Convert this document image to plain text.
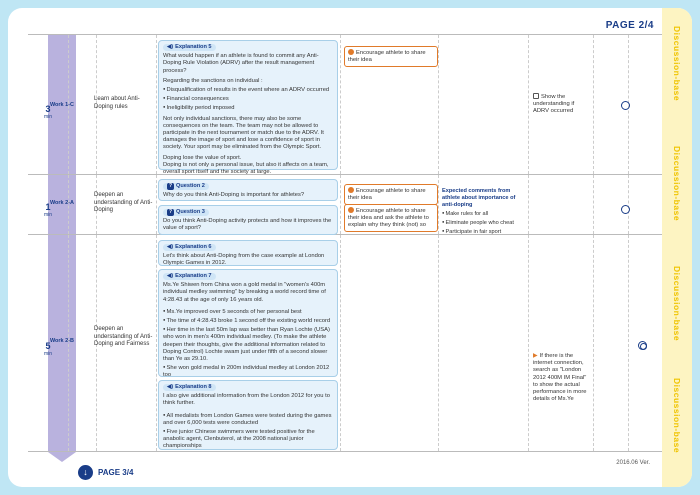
Discussion-base
Discussion-base
Discussion-base
Discussion-base
PAGE 2/4
3
min
Work 1-C
Learn about Anti-Doping rules
◀) Explanation 5
What would happen if an athlete is found to commit any Anti-Doping Rule Violation (ADRV) after the result management process?
Regarding the sanctions on individual :
● Disqualification of results in the event where an ADRV occurred
● Financial consequences
● Ineligibility period imposed
Not only individual sanctions, there may also be some consequences on the team. The team may not be allowed to participate in the next tournament or match due to the ADRV. It damages the image of sport and lose a confidence of sport in society. Your sport may be eliminated from the Olympic Sport.
Doping lose the value of sport.
Doping is not only a personal issue, but also it affects on a team, overall sport itself and the society at large.
Encourage athlete to share their idea
Show the understanding if ADRV occurred
1
min
Work 2-A
Deepen an understanding of Anti-Doping
? Question 2
Why do you think Anti-Doping is important for athletes?
? Question 3
Do you think Anti-Doping activity protects and how it improves the value of sport?
Encourage athlete to share their idea
Encourage athlete to share their idea and ask the athlete to explain why they think (not) so
Expected comments from athlete about importance of anti-doping
● Make rules for all
● Eliminate people who cheat
● Participate in fair sport
5
min
Work 2-B
Deepen an understanding of Anti-Doping and Fairness
◀) Explanation 6
Let's think about Anti-Doping from the case example at London Olympic Games in 2012.
◀) Explanation 7
Ms.Ye Shiwen from China won a gold medal in "women's 400m individual medley swimming" by breaking a world record time of 4:28.43 at the age of only 16 years old.
● Ms.Ye improved over 5 seconds of her personal best
● The time of 4:28.43 broke 1 second off the existing world record
● Her time in the last 50m lap was better than Ryan Lochte (USA) who won in men's 400m individual medley. (To make the athlete deepen their thoughts, give the additional information related to Doping Control) Lochte swam just under fifth of a second slower than Ye as 29.10.
● She won gold medal in 200m individual medley at London 2012 too
◀) Explanation 8
I also give additional information from the London 2012 for you to think further.
● All medalists from London Games were tested during the games and over 6,000 tests were conducted
● Five junior Chinese swimmers were tested positive for the anabolic agent, Clenbuterol, at the 2008 national junior championships
▶ If there is the internet connection, search as "London 2012 400M IM Final" to show the actual performance in more details of Ms.Ye
↓	PAGE 3/4
2016.06 Ver.
